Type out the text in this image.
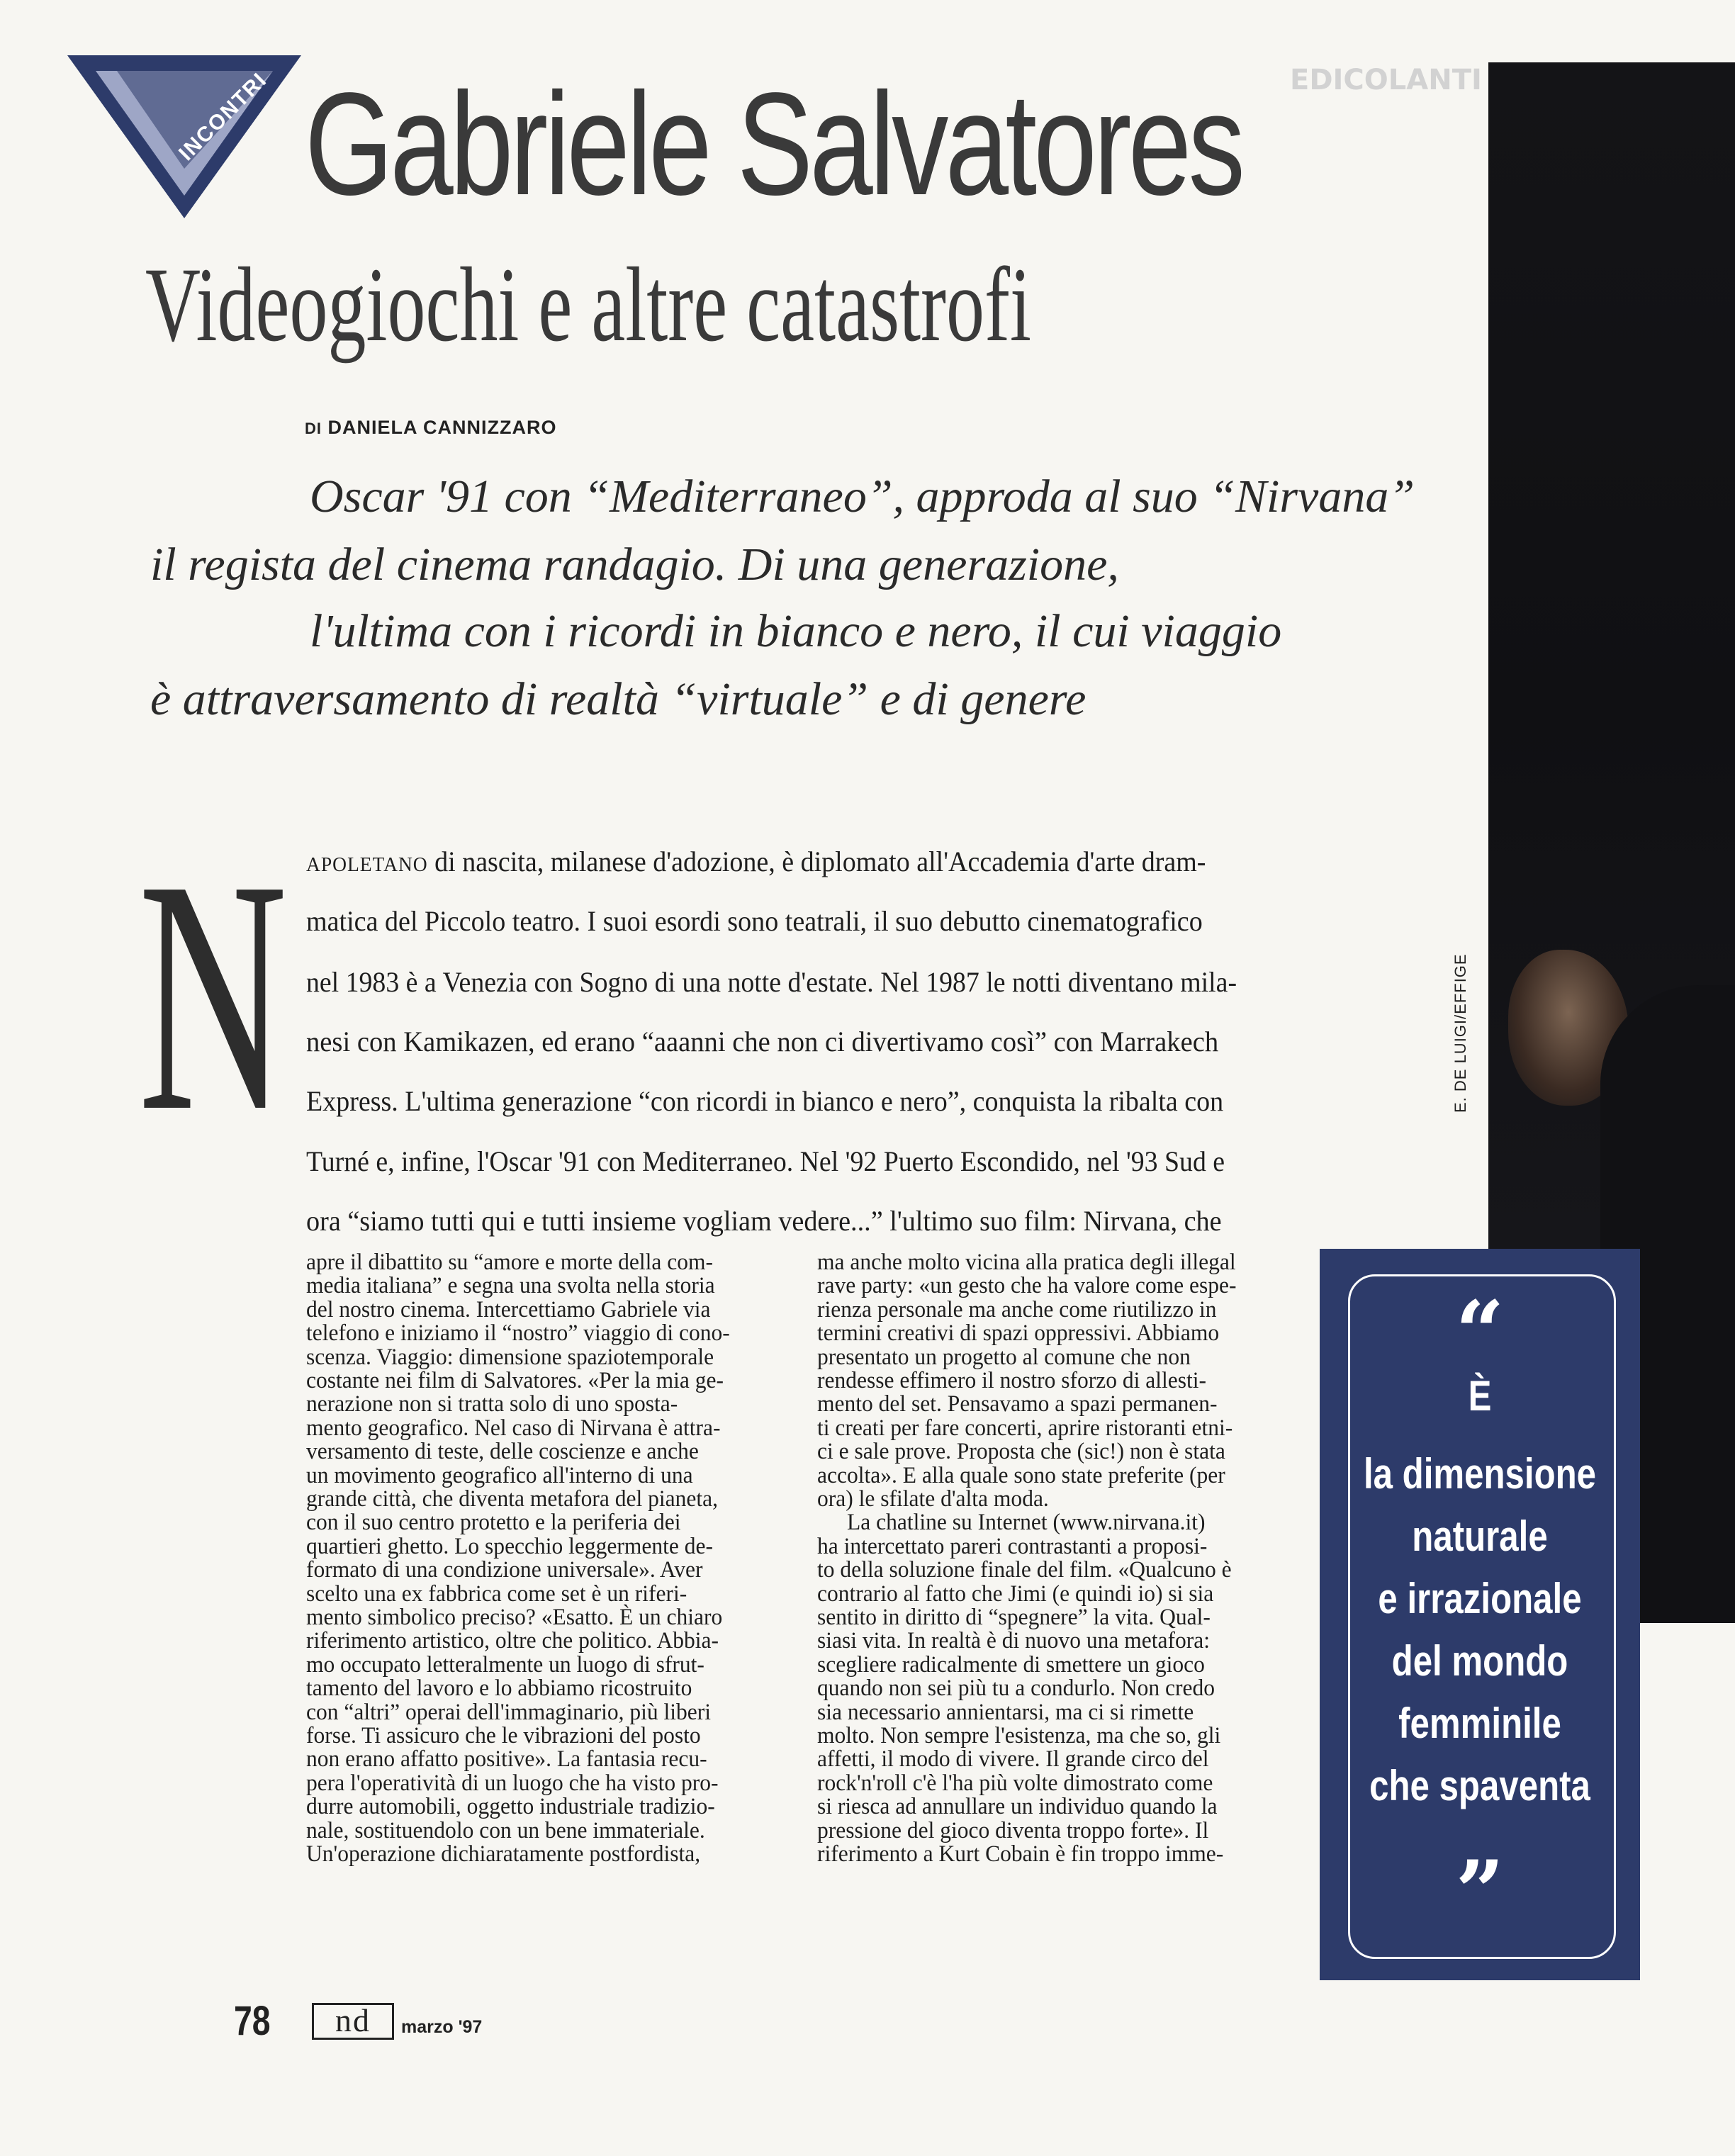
EDICOLANTI
E. DE LUIGI/EFFIGE
INCONTRI Gabriele Salvatores
Videogiochi e altre catastrofi
DI DANIELA CANNIZZARO
Oscar '91 con “Mediterraneo”, approda al suo “Nirvana”
il regista del cinema randagio. Di una generazione,
l'ultima con i ricordi in bianco e nero, il cui viaggio
è attraversamento di realtà “virtuale” e di genere
N APOLETANO di nascita, milanese d'adozione, è diplomato all'Accademia d'arte dram-
matica del Piccolo teatro. I suoi esordi sono teatrali, il suo debutto cinematografico
nel 1983 è a Venezia con Sogno di una notte d'estate. Nel 1987 le notti diventano mila-
nesi con Kamikazen, ed erano “aaanni che non ci divertivamo così” con Marrakech
Express. L'ultima generazione “con ricordi in bianco e nero”, conquista la ribalta con
Turné e, infine, l'Oscar '91 con Mediterraneo. Nel '92 Puerto Escondido, nel '93 Sud e
ora “siamo tutti qui e tutti insieme vogliam vedere...” l'ultimo suo film: Nirvana, che
apre il dibattito su “amore e morte della com-
media italiana” e segna una svolta nella storia
del nostro cinema. Intercettiamo Gabriele via
telefono e iniziamo il “nostro” viaggio di cono-
scenza. Viaggio: dimensione spaziotemporale
costante nei film di Salvatores. «Per la mia ge-
nerazione non si tratta solo di uno sposta-
mento geografico. Nel caso di Nirvana è attra-
versamento di teste, delle coscienze e anche
un movimento geografico all'interno di una
grande città, che diventa metafora del pianeta,
con il suo centro protetto e la periferia dei
quartieri ghetto. Lo specchio leggermente de-
formato di una condizione universale». Aver
scelto una ex fabbrica come set è un riferi-
mento simbolico preciso? «Esatto. È un chiaro
riferimento artistico, oltre che politico. Abbia-
mo occupato letteralmente un luogo di sfrut-
tamento del lavoro e lo abbiamo ricostruito
con “altri” operai dell'immaginario, più liberi
forse. Ti assicuro che le vibrazioni del posto
non erano affatto positive». La fantasia recu-
pera l'operatività di un luogo che ha visto pro-
durre automobili, oggetto industriale tradizio-
nale, sostituendolo con un bene immateriale.
Un'operazione dichiaratamente postfordista,
ma anche molto vicina alla pratica degli illegal
rave party: «un gesto che ha valore come espe-
rienza personale ma anche come riutilizzo in
termini creativi di spazi oppressivi. Abbiamo
presentato un progetto al comune che non
rendesse effimero il nostro sforzo di allesti-
mento del set. Pensavamo a spazi permanen-
ti creati per fare concerti, aprire ristoranti etni-
ci e sale prove. Proposta che (sic!) non è stata
accolta». E alla quale sono state preferite (per
ora) le sfilate d'alta moda.
La chatline su Internet (www.nirvana.it)
ha intercettato pareri contrastanti a proposi-
to della soluzione finale del film. «Qualcuno è
contrario al fatto che Jimi (e quindi io) si sia
sentito in diritto di “spegnere” la vita. Qual-
siasi vita. In realtà è di nuovo una metafora:
scegliere radicalmente di smettere un gioco
quando non sei più tu a condurlo. Non credo
sia necessario annientarsi, ma ci si rimette
molto. Non sempre l'esistenza, ma che so, gli
affetti, il modo di vivere. Il grande circo del
rock'n'roll c'è l'ha più volte dimostrato come
si riesca ad annullare un individuo quando la
pressione del gioco diventa troppo forte». Il
riferimento a Kurt Cobain è fin troppo imme-
“
È
la dimensione
naturale
e irrazionale
del mondo
femminile
che spaventa
”
78	nd	marzo '97
